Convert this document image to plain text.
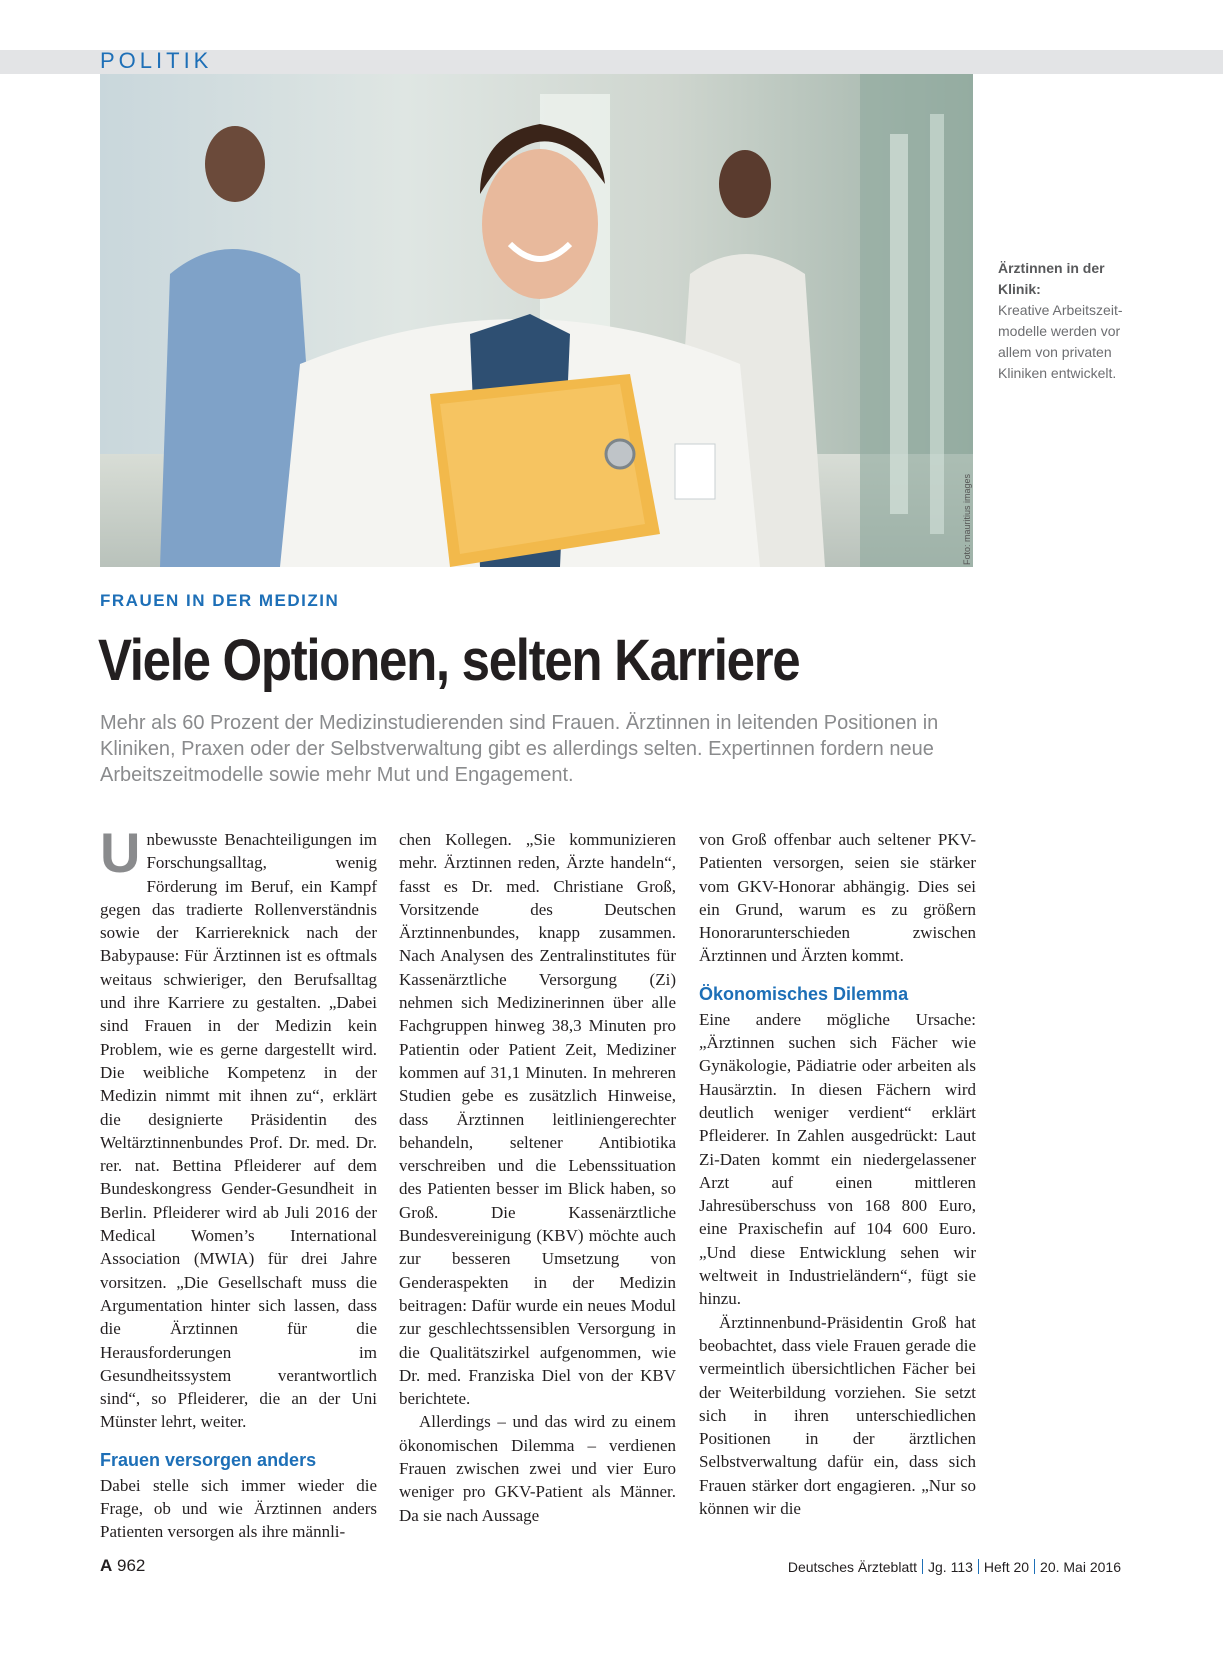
POLITIK
Foto: mauritius images
Ärztinnen in der Klinik:
Kreative Arbeitszeit-modelle werden vor allem von privaten Kliniken entwickelt.
FRAUEN IN DER MEDIZIN
Viele Optionen, selten Karriere
Mehr als 60 Prozent der Medizinstudierenden sind Frauen. Ärztinnen in leitenden Positionen in Kliniken, Praxen oder der Selbstverwaltung gibt es allerdings selten. Expertinnen fordern neue Arbeitszeitmodelle sowie mehr Mut und Engagement.

Unbewusste Benachteiligungen im Forschungsalltag, wenig Förderung im Beruf, ein Kampf gegen das tradierte Rollenverständnis sowie der Karriereknick nach der Babypause: Für Ärztinnen ist es oftmals weitaus schwieriger, den Berufsalltag und ihre Karriere zu gestalten. „Dabei sind Frauen in der Medizin kein Problem, wie es gerne dargestellt wird. Die weibliche Kompetenz in der Medizin nimmt mit ihnen zu“, erklärt die designierte Präsidentin des Weltärztinnenbundes Prof. Dr. med. Dr. rer. nat. Bettina Pfleiderer auf dem Bundeskongress Gender-Gesundheit in Berlin. Pfleiderer wird ab Juli 2016 der Medical Women’s International Association (MWIA) für drei Jahre vorsitzen. „Die Gesellschaft muss die Argumentation hinter sich lassen, dass die Ärztinnen für die Herausforderungen im Gesundheitssystem verantwortlich sind“, so Pfleiderer, die an der Uni Münster lehrt, weiter.

Frauen versorgen anders

Dabei stelle sich immer wieder die Frage, ob und wie Ärztinnen anders Patienten versorgen als ihre männli-

chen Kollegen. „Sie kommunizieren mehr. Ärztinnen reden, Ärzte handeln“, fasst es Dr. med. Christiane Groß, Vorsitzende des Deutschen Ärztinnenbundes, knapp zusammen. Nach Analysen des Zentralinstitutes für Kassenärztliche Versorgung (Zi) nehmen sich Medizinerinnen über alle Fachgruppen hinweg 38,3 Minuten pro Patientin oder Patient Zeit, Mediziner kommen auf 31,1 Minuten. In mehreren Studien gebe es zusätzlich Hinweise, dass Ärztinnen leitliniengerechter behandeln, seltener Antibiotika verschreiben und die Lebenssituation des Patienten besser im Blick haben, so Groß. Die Kassenärztliche Bundesvereinigung (KBV) möchte auch zur besseren Umsetzung von Genderaspekten in der Medizin beitragen: Dafür wurde ein neues Modul zur geschlechtssensiblen Versorgung in die Qualitätszirkel aufgenommen, wie Dr. med. Franziska Diel von der KBV berichtete.

Allerdings – und das wird zu einem ökonomischen Dilemma – verdienen Frauen zwischen zwei und vier Euro weniger pro GKV-Patient als Männer. Da sie nach Aussage

von Groß offenbar auch seltener PKV-Patienten versorgen, seien sie stärker vom GKV-Honorar abhängig. Dies sei ein Grund, warum es zu größern Honorarunterschieden zwischen Ärztinnen und Ärzten kommt.

Ökonomisches Dilemma

Eine andere mögliche Ursache: „Ärztinnen suchen sich Fächer wie Gynäkologie, Pädiatrie oder arbeiten als Hausärztin. In diesen Fächern wird deutlich weniger verdient“ erklärt Pfleiderer. In Zahlen ausgedrückt: Laut Zi-Daten kommt ein niedergelassener Arzt auf einen mittleren Jahresüberschuss von 168 800 Euro, eine Praxischefin auf 104 600 Euro. „Und diese Entwicklung sehen wir weltweit in Industrieländern“, fügt sie hinzu.

Ärztinnenbund-Präsidentin Groß hat beobachtet, dass viele Frauen gerade die vermeintlich übersichtlichen Fächer bei der Weiterbildung vorziehen. Sie setzt sich in ihren unterschiedlichen Positionen in der ärztlichen Selbstverwaltung dafür ein, dass sich Frauen stärker dort engagieren. „Nur so können wir die

A 962	Deutsches Ärzteblatt Jg. 113 Heft 20 20. Mai 2016
